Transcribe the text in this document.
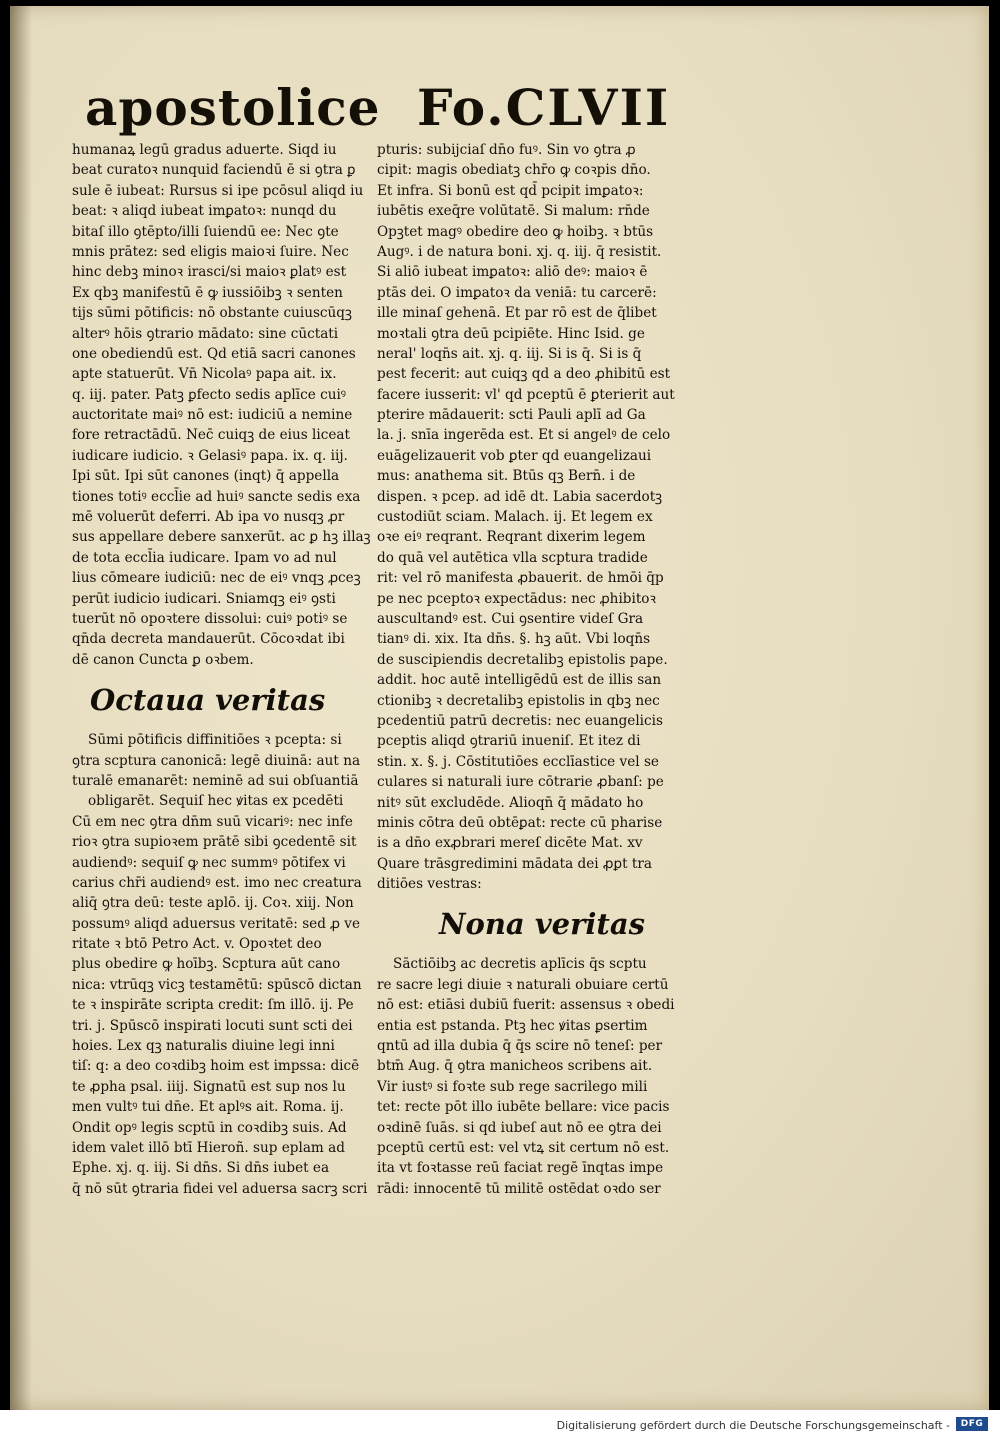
apostolice Fo.CLVII
humanaꝝ legū gradus aduerte. Siqd iu
beat curatoꝛ nunquid faciendū ē si ꝯtra ꝑ
sule ē iubeat: Rursus si ipe pcōsul aliqd iu
beat: ꝛ aliqd iubeat imꝑatoꝛ: nunqd du
bitaſ illo ꝯtēpto/illi ſuiendū ee: Nec ꝯte
mnis prātez: sed eligis maioꝛi ſuire. Nec
hinc debꝫ minoꝛ irasci/si maioꝛ ꝑlatꝰ est
Ex qbꝫ manifestū ē ꝙ iussiōibꝫ ꝛ senten
tijs sūmi pōtificis: nō obstante cuiuscūqꝫ
alterꝰ hōis ꝯtrario mādato: sine cūctati
one obediendū est. Qd etiā sacri canones
apte statuerūt. Vn̄ Nicolaꝰ papa ait. ix.
q. iij. pater. Patꝫ ꝑfecto sedis aplīce cuiꝰ
auctoritate maiꝰ nō est: iudiciū a nemine
fore retractādū. Nec̄ cuiqꝫ de eius liceat
iudicare iudicio. ꝛ Gelasiꝰ papa. ix. q. iij.
Ipi sūt. Ipi sūt canones (inqt) q̄ appella
tiones totiꝰ eccl̄ie ad huiꝰ sancte sedis exa
mē voluerūt deferri. Ab ipa vo nusqꝫ ꝓr
sus appellare debere sanxerūt. ac ꝑ hꝫ illaꝫ
de tota eccl̄ia iudicare. Ipam vo ad nul
lius cōmeare iudiciū: nec de eiꝰ vnqꝫ ꝓceꝫ
perūt iudicio iudicari. Sniamqꝫ eiꝰ ꝯsti
tuerūt nō opoꝛtere dissolui: cuiꝰ potiꝰ se
qn̄da decreta mandauerūt. Cōcoꝛdat ibi
dē canon Cuncta ꝑ oꝛbem.
Octaua veritas
Sūmi pōtificis diffinitiōes ꝛ pcepta: si
ꝯtra scptura canonicā: legē diuinā: aut na
turalē emanarēt: neminē ad sui obſuantiā
obligarēt. Sequiſ hec ꝟitas ex pcedēti
Cū em nec ꝯtra dn̄m suū vicariꝰ: nec infe
rioꝛ ꝯtra supioꝛem prātē sibi ꝯcedentē sit
audiendꝰ: sequiſ ꝙ nec summꝰ pōtifex vi
carius chr̄i audiendꝰ est. imo nec creatura
aliq̄ ꝯtra deū: teste aplō. ij. Coꝛ. xiij. Non
possumꝰ aliqd aduersus veritatē: sed ꝓ ve
ritate ꝛ btō Petro Act. v. Opoꝛtet deo
plus obedire ꝙ hoībꝫ. Scptura aūt cano
nica: vtrūqꝫ vicꝫ testamētū: spūscō dictan
te ꝛ inspirāte scripta credit: ſm illō. ij. Pe
tri. j. Spūscō inspirati locuti sunt scti dei
hoies. Lex qꝫ naturalis diuine legi inni
tiſ: q: a deo coꝛdibꝫ hoim est impssa: dicē
te ꝓpha psal. iiij. Signatū est sup nos lu
men vultꝰ tui dn̄e. Et aplꝰs ait. Roma. ij.
Ondit opꝰ legis scptū in coꝛdibꝫ suis. Ad
idem valet illō btī Hieroñ. sup eplam ad
Ephe. xj. q. iij. Si dn̄s. Si dn̄s iubet ea
q̄ nō sūt ꝯtraria fidei vel aduersa sacrꝫ scri
pturis: subijciaſ dn̄o fuꝰ. Sin vo ꝯtra ꝓ
cipit: magis obediatꝫ chr̄o ꝙ coꝛpis dn̄o.
Et infra. Si bonū est qd̄ pcipit imꝑatoꝛ:
iubētis exeq̄re volūtatē. Si malum: rn̄de
Opꝫtet magꝰ obedire deo ꝙ hoibꝫ. ꝛ btūs
Augꝰ. i de natura boni. xj. q. iij. q̄ resistit.
Si aliō iubeat imꝑatoꝛ: aliō deꝰ: maioꝛ ē
ptās dei. O imꝑatoꝛ da veniā: tu carcerē:
ille minaſ gehenā. Et par rō est de q̄libet
moꝛtali ꝯtra deū pcipiēte. Hinc Isid. ge
neral' loqn̄s ait. xj. q. iij. Si is q̄. Si is q̄
pest fecerit: aut cuiqꝫ qd a deo ꝓhibitū est
facere iusserit: vl' qd pceptū ē ꝑterierit aut
pterire mādauerit: scti Pauli aplī ad Ga
la. j. snīa ingerēda est. Et si angelꝰ de celo
euāgelizauerit vob ꝑter qd euangelizaui
mus: anathema sit. Btūs qꝫ Bern̄. i de
dispen. ꝛ pcep. ad idē dt. Labia sacerdotꝫ
custodiūt sciam. Malach. ij. Et legem ex
oꝛe eiꝰ reqrant. Reqrant dixerim legem
do quā vel autētica vlla scptura tradide
rit: vel rō manifesta ꝓbauerit. de hmōi q̄p
pe nec pceptoꝛ expectādus: nec ꝓhibitoꝛ
auscultandꝰ est. Cui ꝯsentire videſ Gra
tianꝰ di. xix. Ita dn̄s. §. hꝫ aūt. Vbi loqn̄s
de suscipiendis decretalibꝫ epistolis pape.
addit. hoc autē intelligēdū est de illis san
ctionibꝫ ꝛ decretalibꝫ epistolis in qbꝫ nec
pcedentiū patrū decretis: nec euangelicis
pceptis aliqd ꝯtrariū inueniſ. Et itez di
stin. x. §. j. Cōstitutiōes ecclīastice vel se
culares si naturali iure cōtrarie ꝓbanſ: pe
nitꝰ sūt excludēde. Alioqn̄ q̄ mādato ho
minis cōtra deū obtēꝑat: recte cū pharise
is a dn̄o exꝓbrari mereſ dicēte Mat. xv
Quare trāsgredimini mādata dei ꝓꝑt tra
ditiōes vestras:
Nona veritas
Sāctiōibꝫ ac decretis aplīcis q̄s scptu
re sacre legi diuie ꝛ naturali obuiare certū
nō est: etiāsi dubiū fuerit: assensus ꝛ obedi
entia est pstanda. Ptꝫ hec ꝟitas ꝑsertim
qntū ad illa dubia q̄ q̄s scire nō teneſ: per
btm̄ Aug. q̄ ꝯtra manicheos scribens ait.
Vir iustꝰ si foꝛte sub rege sacrilego mili
tet: recte pōt illo iubēte bellare: vice pacis
oꝛdinē ſuās. si qd iubeſ aut nō ee ꝯtra dei
pceptū certū est: vel vtꝝ sit certum nō est.
ita vt foꝛtasse reū faciat regē īnqtas impe
rādi: innocentē tū militē ostēdat oꝛdo ser
Digitalisierung gefördert durch die Deutsche Forschungsgemeinschaft -	DFG
